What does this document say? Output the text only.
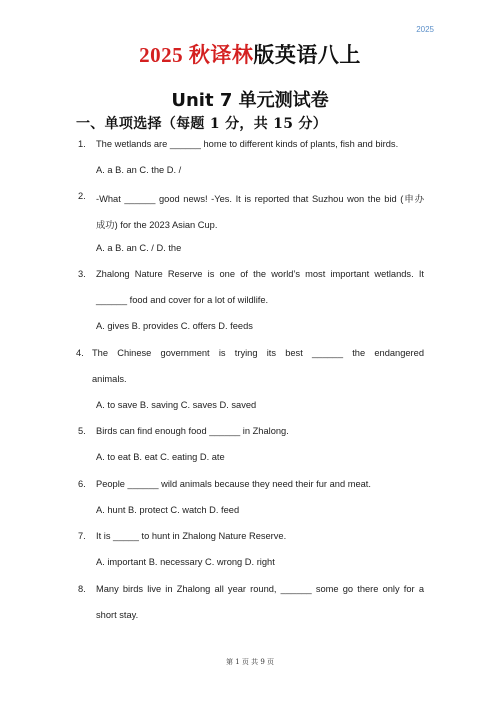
2025
2025 秋译林版英语八上
Unit 7 单元测试卷
一、单项选择（每题 1 分，共 15 分）
1. The wetlands are ______ home to different kinds of plants, fish and birds.
A. a B. an C. the D. /
2. -What ______ good news! -Yes. It is reported that Suzhou won the bid (申办
成功) for the 2023 Asian Cup.
A. a B. an C. / D. the
3. Zhalong Nature Reserve is one of the world’s most important wetlands. It
______ food and cover for a lot of wildlife.
A. gives B. provides C. offers D. feeds
4. The Chinese government is trying its best ______ the endangered
animals.
A. to save B. saving C. saves D. saved
5. Birds can find enough food ______ in Zhalong.
A. to eat B. eat C. eating D. ate
6. People ______ wild animals because they need their fur and meat.
A. hunt B. protect C. watch D. feed
7. It is _____ to hunt in Zhalong Nature Reserve.
A. important B. necessary C. wrong D. right
8. Many birds live in Zhalong all year round, ______ some go there only for a
short stay.
第 1 页 共 9 页
